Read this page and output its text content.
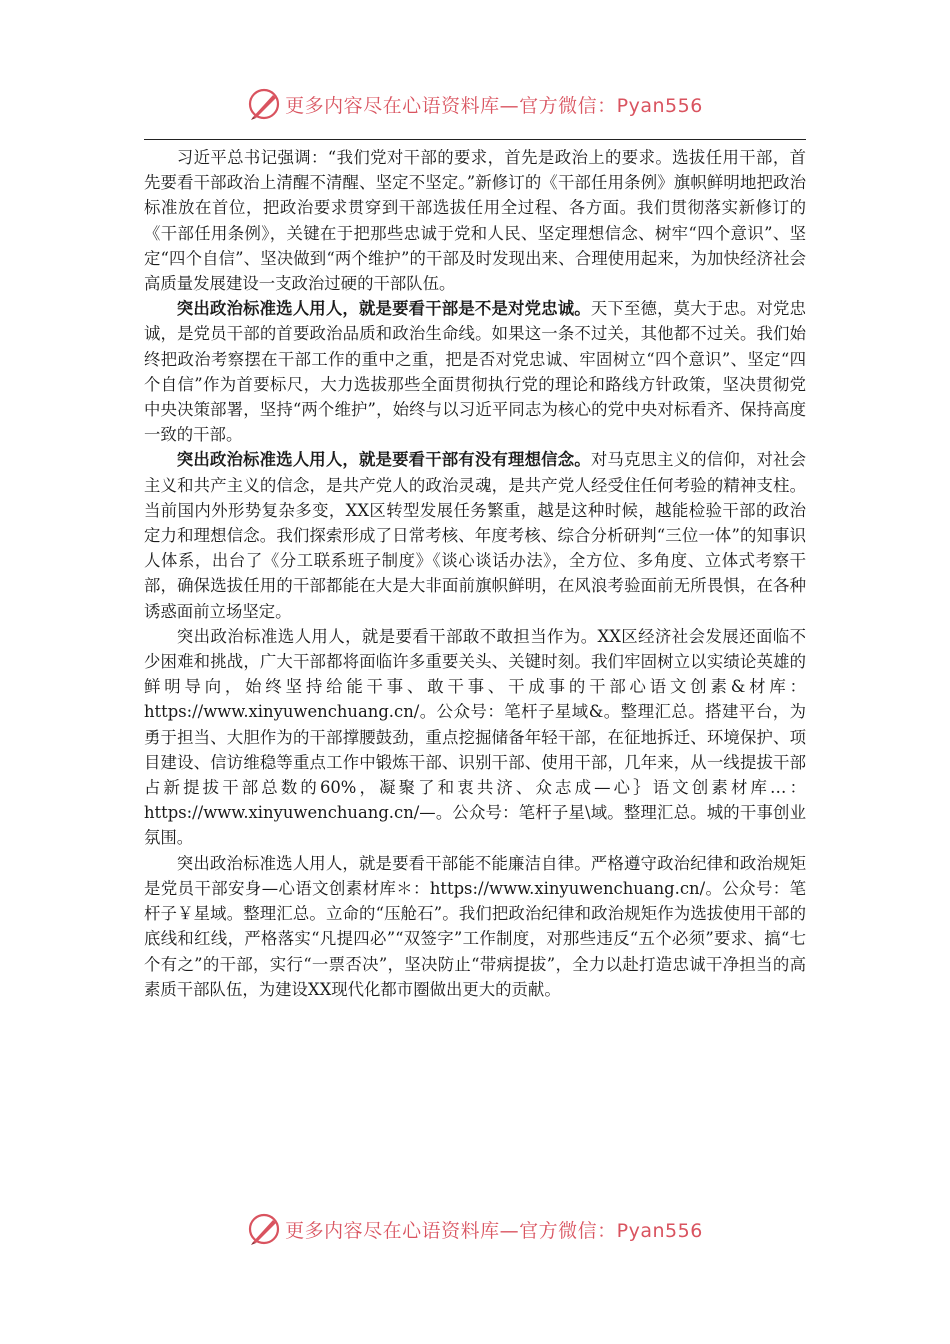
更多内容尽在心语资料库—官方微信：Pyan556

习近平总书记强调：“我们党对干部的要求，首先是政治上的要求。选拔任用干部，首先要看干部政治上清醒不清醒、坚定不坚定。”新修订的《干部任用条例》旗帜鲜明地把政治标准放在首位，把政治要求贯穿到干部选拔任用全过程、各方面。我们贯彻落实新修订的《干部任用条例》，关键在于把那些忠诚于党和人民、坚定理想信念、树牢“四个意识”、坚定“四个自信”、坚决做到“两个维护”的干部及时发现出来、合理使用起来，为加快经济社会高质量发展建设一支政治过硬的干部队伍。

突出政治标准选人用人，就是要看干部是不是对党忠诚。天下至德，莫大于忠。对党忠诚，是党员干部的首要政治品质和政治生命线。如果这一条不过关，其他都不过关。我们始终把政治考察摆在干部工作的重中之重，把是否对党忠诚、牢固树立“四个意识”、坚定“四个自信”作为首要标尺，大力选拔那些全面贯彻执行党的理论和路线方针政策，坚决贯彻党中央决策部署，坚持“两个维护”，始终与以习近平同志为核心的党中央对标看齐、保持高度一致的干部。

突出政治标准选人用人，就是要看干部有没有理想信念。对马克思主义的信仰，对社会主义和共产主义的信念，是共产党人的政治灵魂，是共产党人经受住任何考验的精神支柱。当前国内外形势复杂多变，XX区转型发展任务繁重，越是这种时候，越能检验干部的政治定力和理想信念。我们探索形成了日常考核、年度考核、综合分析研判“三位一体”的知事识人体系，出台了《分工联系班子制度》《谈心谈话办法》，全方位、多角度、立体式考察干部，确保选拔任用的干部都能在大是大非面前旗帜鲜明，在风浪考验面前无所畏惧，在各种诱惑面前立场坚定。

突出政治标准选人用人，就是要看干部敢不敢担当作为。XX区经济社会发展还面临不少困难和挑战，广大干部都将面临许多重要关头、关键时刻。我们牢固树立以实绩论英雄的鲜明导向，始终坚持给能干事、敢干事、干成事的干部心语文创素&材库：https://www.xinyuwenchuang.cn/。公众号：笔杆子星域&。整理汇总。搭建平台，为勇于担当、大胆作为的干部撑腰鼓劲，重点挖掘储备年轻干部，在征地拆迁、环境保护、项目建设、信访维稳等重点工作中锻炼干部、识别干部、使用干部，几年来，从一线提拔干部占新提拔干部总数的60%，凝聚了和衷共济、众志成—心｝语文创素材库…：https://www.xinyuwenchuang.cn/—。公众号：笔杆子星\域。整理汇总。城的干事创业氛围。

突出政治标准选人用人，就是要看干部能不能廉洁自律。严格遵守政治纪律和政治规矩是党员干部安身—心语文创素材库＊：https://www.xinyuwenchuang.cn/。公众号：笔杆子￥星域。整理汇总。立命的“压舱石”。我们把政治纪律和政治规矩作为选拔使用干部的底线和红线，严格落实“凡提四必”“双签字”工作制度，对那些违反“五个必须”要求、搞“七个有之”的干部，实行“一票否决”，坚决防止“带病提拔”，全力以赴打造忠诚干净担当的高素质干部队伍，为建设XX现代化都市圈做出更大的贡献。

更多内容尽在心语资料库—官方微信：Pyan556
